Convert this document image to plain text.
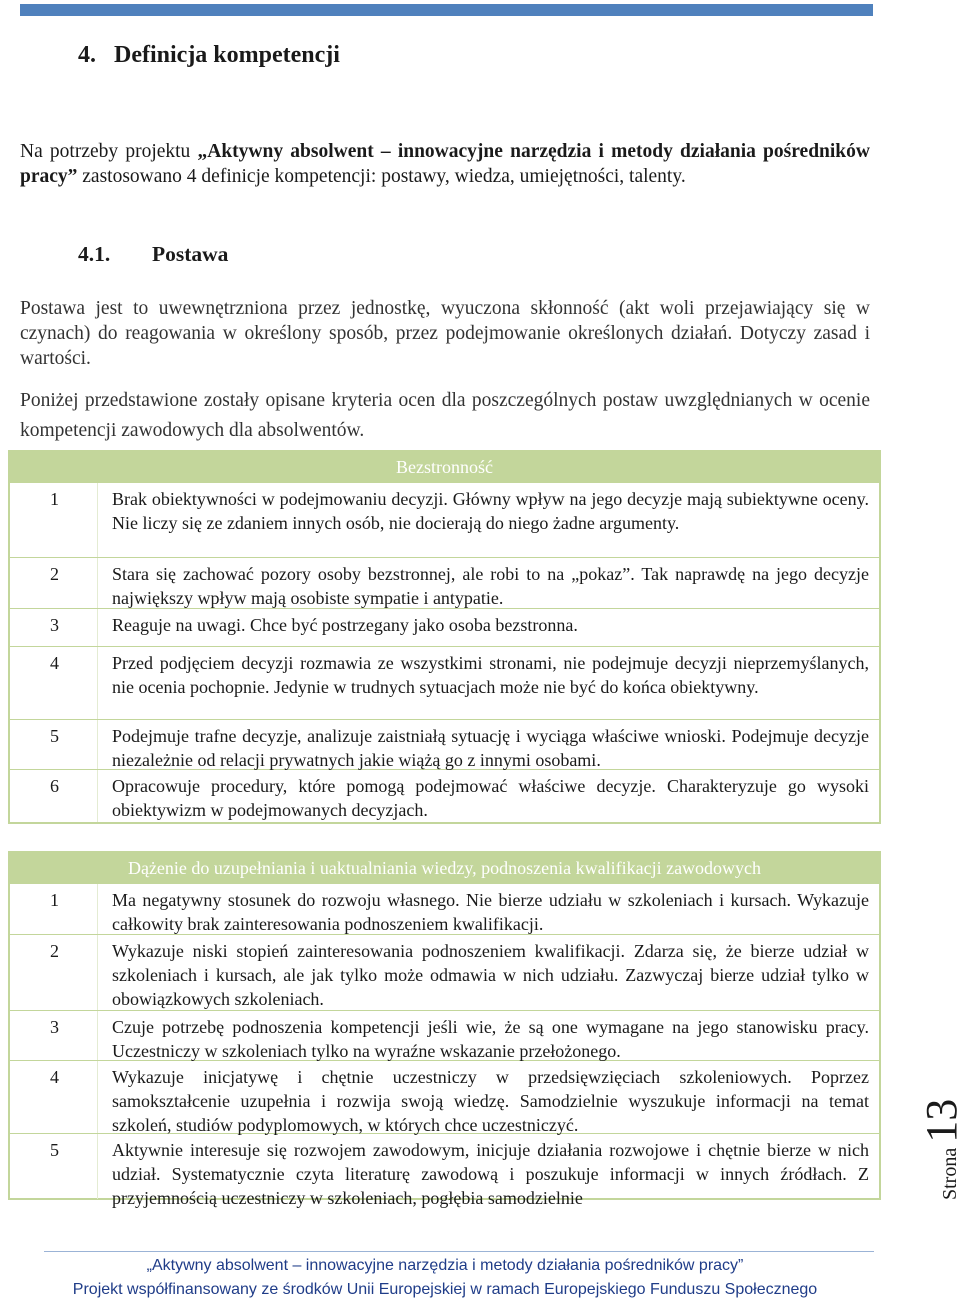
4. Definicja kompetencji

Na potrzeby projektu „Aktywny absolwent – innowacyjne narzędzia i metody działania pośredników pracy” zastosowano 4 definicje kompetencji: postawy, wiedza, umiejętności, talenty.

4.1. Postawa

Postawa jest to uwewnętrzniona przez jednostkę, wyuczona skłonność (akt woli przejawiający się w czynach) do reagowania w określony sposób, przez podejmowanie określonych działań. Dotyczy zasad i wartości.

Poniżej przedstawione zostały opisane kryteria ocen dla poszczególnych postaw uwzględnianych w ocenie kompetencji zawodowych dla absolwentów.

Bezstronność
1	Brak obiektywności w podejmowaniu decyzji. Główny wpływ na jego decyzje mają subiektywne oceny. Nie liczy się ze zdaniem innych osób, nie docierają do niego żadne argumenty.
2	Stara się zachować pozory osoby bezstronnej, ale robi to na „pokaz”. Tak naprawdę na jego decyzje największy wpływ mają osobiste sympatie i antypatie.
3	Reaguje na uwagi. Chce być postrzegany jako osoba bezstronna.
4	Przed podjęciem decyzji rozmawia ze wszystkimi stronami, nie podejmuje decyzji nieprzemyślanych, nie ocenia pochopnie. Jedynie w trudnych sytuacjach może nie być do końca obiektywny.
5	Podejmuje trafne decyzje, analizuje zaistniałą sytuację i wyciąga właściwe wnioski. Podejmuje decyzje niezależnie od relacji prywatnych jakie wiążą go z innymi osobami.
6	Opracowuje procedury, które pomogą podejmować właściwe decyzje. Charakteryzuje go wysoki obiektywizm w podejmowanych decyzjach.
Dążenie do uzupełniania i uaktualniania wiedzy, podnoszenia kwalifikacji zawodowych
1	Ma negatywny stosunek do rozwoju własnego. Nie bierze udziału w szkoleniach i kursach. Wykazuje całkowity brak zainteresowania podnoszeniem kwalifikacji.
2	Wykazuje niski stopień zainteresowania podnoszeniem kwalifikacji. Zdarza się, że bierze udział w szkoleniach i kursach, ale jak tylko może odmawia w nich udziału. Zazwyczaj bierze udział tylko w obowiązkowych szkoleniach.
3	Czuje potrzebę podnoszenia kompetencji jeśli wie, że są one wymagane na jego stanowisku pracy. Uczestniczy w szkoleniach tylko na wyraźne wskazanie przełożonego.
4	Wykazuje inicjatywę i chętnie uczestniczy w przedsięwzięciach szkoleniowych. Poprzez samokształcenie uzupełnia i rozwija swoją wiedzę. Samodzielnie wyszukuje informacji na temat szkoleń, studiów podyplomowych, w których chce uczestniczyć.
5	Aktywnie interesuje się rozwojem zawodowym, inicjuje działania rozwojowe i chętnie bierze w nich udział. Systematycznie czyta literaturę zawodową i poszukuje informacji w innych źródłach. Z przyjemnością uczestniczy w szkoleniach, pogłębia samodzielnie	Strona 13
„Aktywny absolwent – innowacyjne narzędzia i metody działania pośredników pracy”
Projekt współfinansowany ze środków Unii Europejskiej w ramach Europejskiego Funduszu Społecznego
